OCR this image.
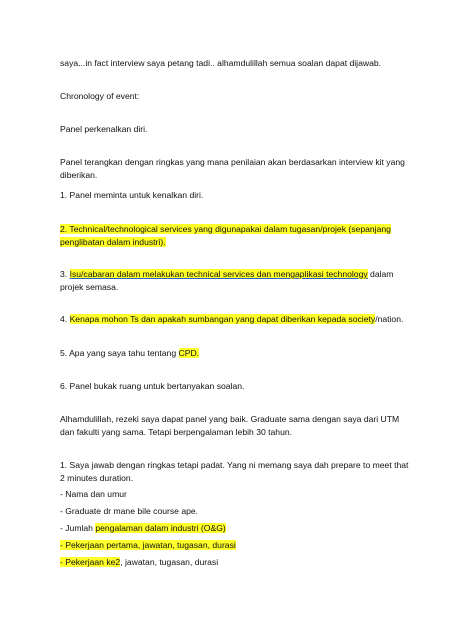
saya...in fact interview saya petang tadi.. alhamdulillah semua soalan dapat dijawab.

Chronology of event:

Panel perkenalkan diri.

Panel terangkan dengan ringkas yang mana penilaian akan berdasarkan interview kit yang diberikan.

1. Panel meminta untuk kenalkan diri.

2. Technical/technological services yang digunapakai dalam tugasan/projek (sepanjang penglibatan dalam industri).

3. Isu/cabaran dalam melakukan technical services dan mengaplikasi technology dalam projek semasa.

4. Kenapa mohon Ts dan apakah sumbangan yang dapat diberikan kepada society/nation.

5. Apa yang saya tahu tentang CPD.

6. Panel bukak ruang untuk bertanyakan soalan.

Alhamdulillah, rezeki saya dapat panel yang baik. Graduate sama dengan saya dari UTM dan fakulti yang sama. Tetapi berpengalaman lebih 30 tahun.

1. Saya jawab dengan ringkas tetapi padat. Yang ni memang saya dah prepare to meet that 2 minutes duration.

- Nama dan umur

- Graduate dr mane bile course ape.

- Jumlah pengalaman dalam industri (O&G)

- Pekerjaan pertama, jawatan, tugasan, durasi

- Pekerjaan ke2, jawatan, tugasan, durasi
